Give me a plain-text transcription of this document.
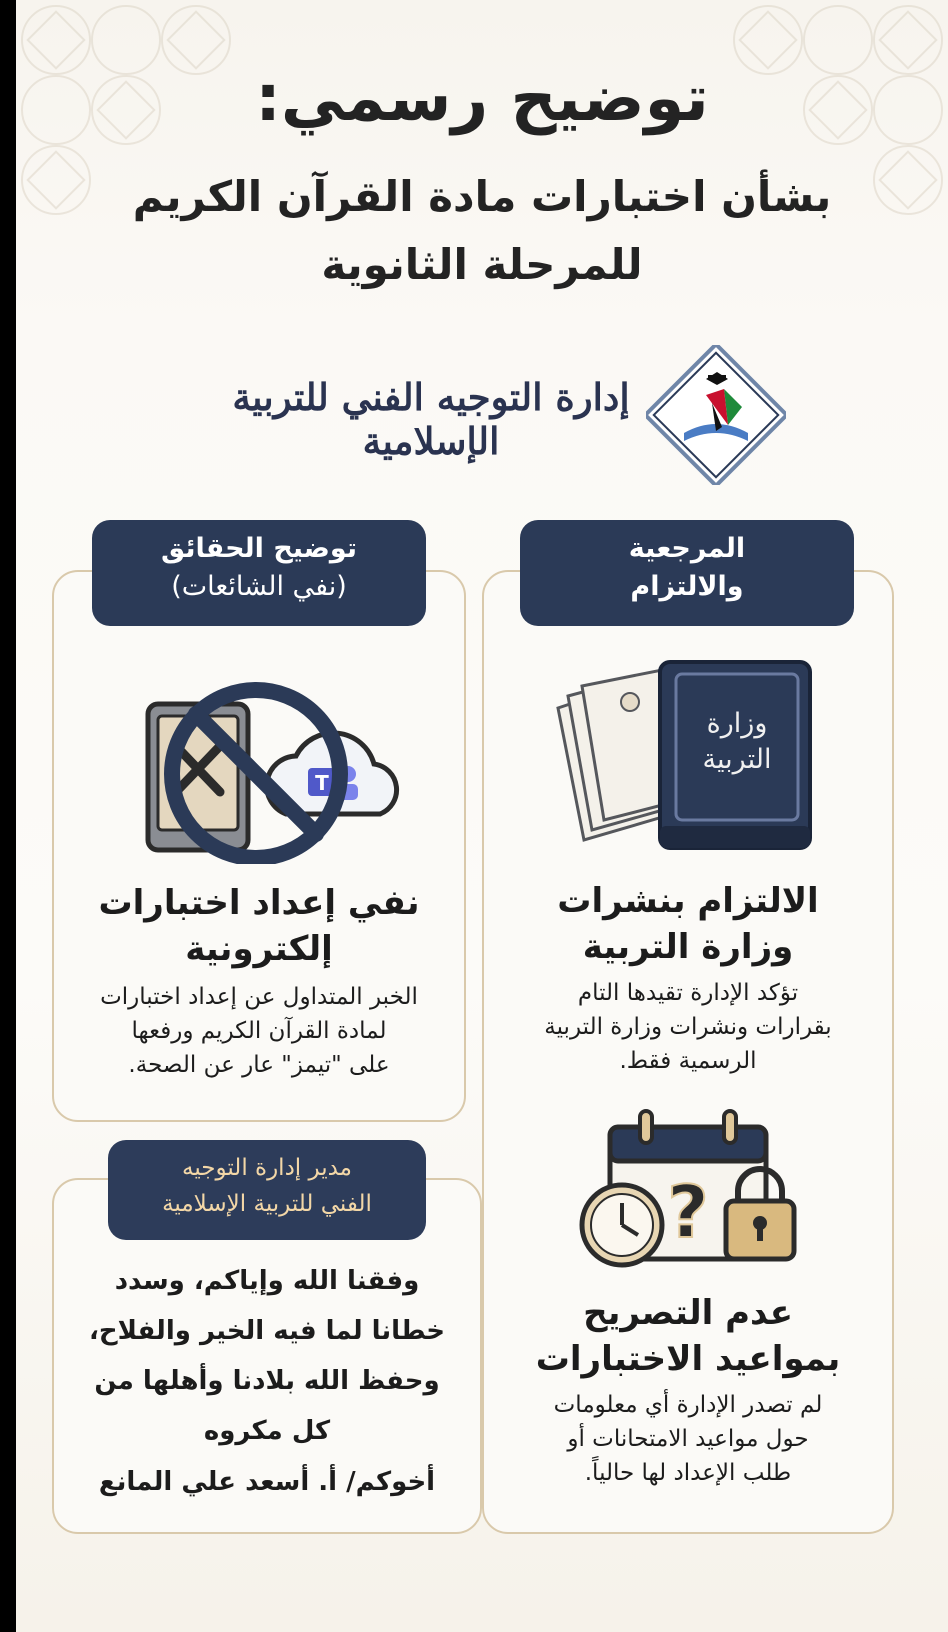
توضيح رسمي:
بشأن اختبارات مادة القرآن الكريم
للمرحلة الثانوية
إدارة التوجيه الفني للتربية الإسلامية
المرجعية
والالتزام
وزارة
التربية
الالتزام بنشرات
وزارة التربية
تؤكد الإدارة تقيدها التام
بقرارات ونشرات وزارة التربية
الرسمية فقط.
?
عدم التصريح
بمواعيد الاختبارات
لم تصدر الإدارة أي معلومات
حول مواعيد الامتحانات أو
طلب الإعداد لها حالياً.
توضيح الحقائق
(نفي الشائعات)
T
نفي إعداد اختبارات
إلكترونية
الخبر المتداول عن إعداد اختبارات
لمادة القرآن الكريم ورفعها
على "تيمز" عار عن الصحة.
مدير إدارة التوجيه
الفني للتربية الإسلامية
وفقنا الله وإياكم، وسدد
خطانا لما فيه الخير والفلاح،
وحفظ الله بلادنا وأهلها من
كل مكروه
أخوكم/ أ. أسعد علي المانع
